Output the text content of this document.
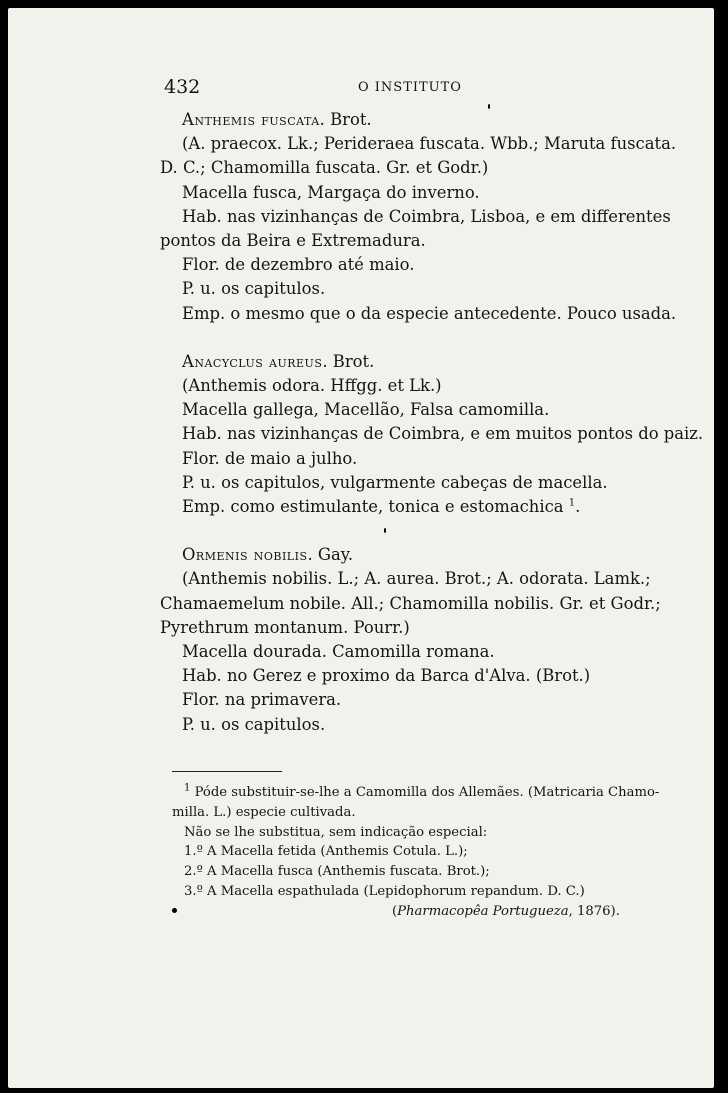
432	O INSTITUTO
Anthemis fuscata. Brot.
(A. praecox. Lk.; Perideraea fuscata. Wbb.; Maruta fuscata.
D. C.; Chamomilla fuscata. Gr. et Godr.)
Macella fusca, Margaça do inverno.
Hab. nas vizinhanças de Coimbra, Lisboa, e em differentes
pontos da Beira e Extremadura.
Flor. de dezembro até maio.
P. u. os capitulos.
Emp. o mesmo que o da especie antecedente. Pouco usada.
Anacyclus aureus. Brot.
(Anthemis odora. Hffgg. et Lk.)
Macella gallega, Macellão, Falsa camomilla.
Hab. nas vizinhanças de Coimbra, e em muitos pontos do paiz.
Flor. de maio a julho.
P. u. os capitulos, vulgarmente cabeças de macella.
Emp. como estimulante, tonica e estomachica $^1$.
Ormenis nobilis. Gay.
(Anthemis nobilis. L.; A. aurea. Brot.; A. odorata. Lamk.;
Chamaemelum nobile. All.; Chamomilla nobilis. Gr. et Godr.;
Pyrethrum montanum. Pourr.)
Macella dourada. Camomilla romana.
Hab. no Gerez e proximo da Barca d'Alva. (Brot.)
Flor. na primavera.
P. u. os capitulos.
$^1$ Póde substituir-se-lhe a Camomilla dos Allemães. (Matricaria Chamo-
milla. L.) especie cultivada.
Não se lhe substitua, sem indicação especial:
1.º A Macella fetida (Anthemis Cotula. L.);
2.º A Macella fusca (Anthemis fuscata. Brot.);
3.º A Macella espathulada (Lepidophorum repandum. D. C.)
(Pharmacopêa Portugueza, 1876).
